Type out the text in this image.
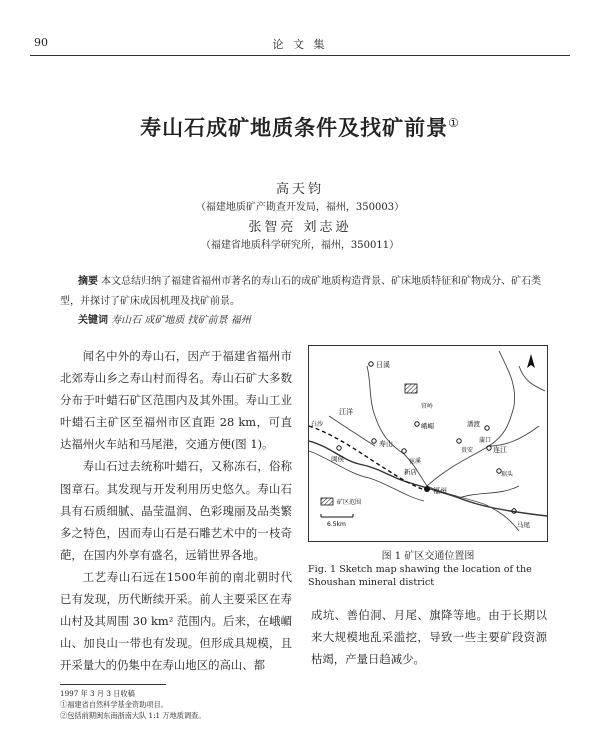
90	论 文 集
寿山石成矿地质条件及找矿前景①
高天钧
（福建地质矿产勘查开发局，福州，350003）
张智亮 刘志逊
（福建省地质科学研究所，福州，350011）
摘要 本文总结归纳了福建省福州市著名的寿山石的成矿地质构造背景、矿床地质特征和矿物成分、矿石类型，并探讨了矿床成因机理及找矿前景。
关键词 寿山石 成矿地质 找矿前景 福州

闻名中外的寿山石，因产于福建省福州市北郊寿山乡之寿山村而得名。寿山石矿大多数分布于叶蜡石矿区范围内及其外围。寿山工业叶蜡石主矿区至福州市区直距 28 km，可直达福州火车站和马尾港，交通方便(图 1)。

寿山石过去统称叶蜡石，又称冻石，俗称图章石。其发现与开发利用历史悠久。寿山石具有石质细腻、晶莹温润、色彩瑰丽及品类繁多之特色，因而寿山石是石雕艺术中的一枝奇葩，在国内外享有盛名，远销世界各地。

工艺寿山石远在1500年前的南北朝时代已有发现，历代断续开采。前人主要采区在寿山村及其周围 30 km² 范围内。后来，在峨嵋山、加良山一带也有发现。但形成具规模，且开采量大的仍集中在寿山地区的高山、都

日溪
江洋
寿山
峨嵋
连江
潘渡
贵安
宦溪
蒲口
新店
福州
马尾
闽侯
白沙
官岭
琯头
矿区范围
6.5km
图 1 矿区交通位置图
Fig. 1 Sketch map shawing the location of the Shoushan mineral district

成坑、善伯洞、月尾、旗降等地。由于长期以来大规模地乱采滥挖，导致一些主要矿段资源枯竭，产量日趋减少。

1997 年 3 月 3 日收稿
①福建省自然科学基金资助项目。
②包括前期闽东南浙南大队 1:1 万地质调查。
